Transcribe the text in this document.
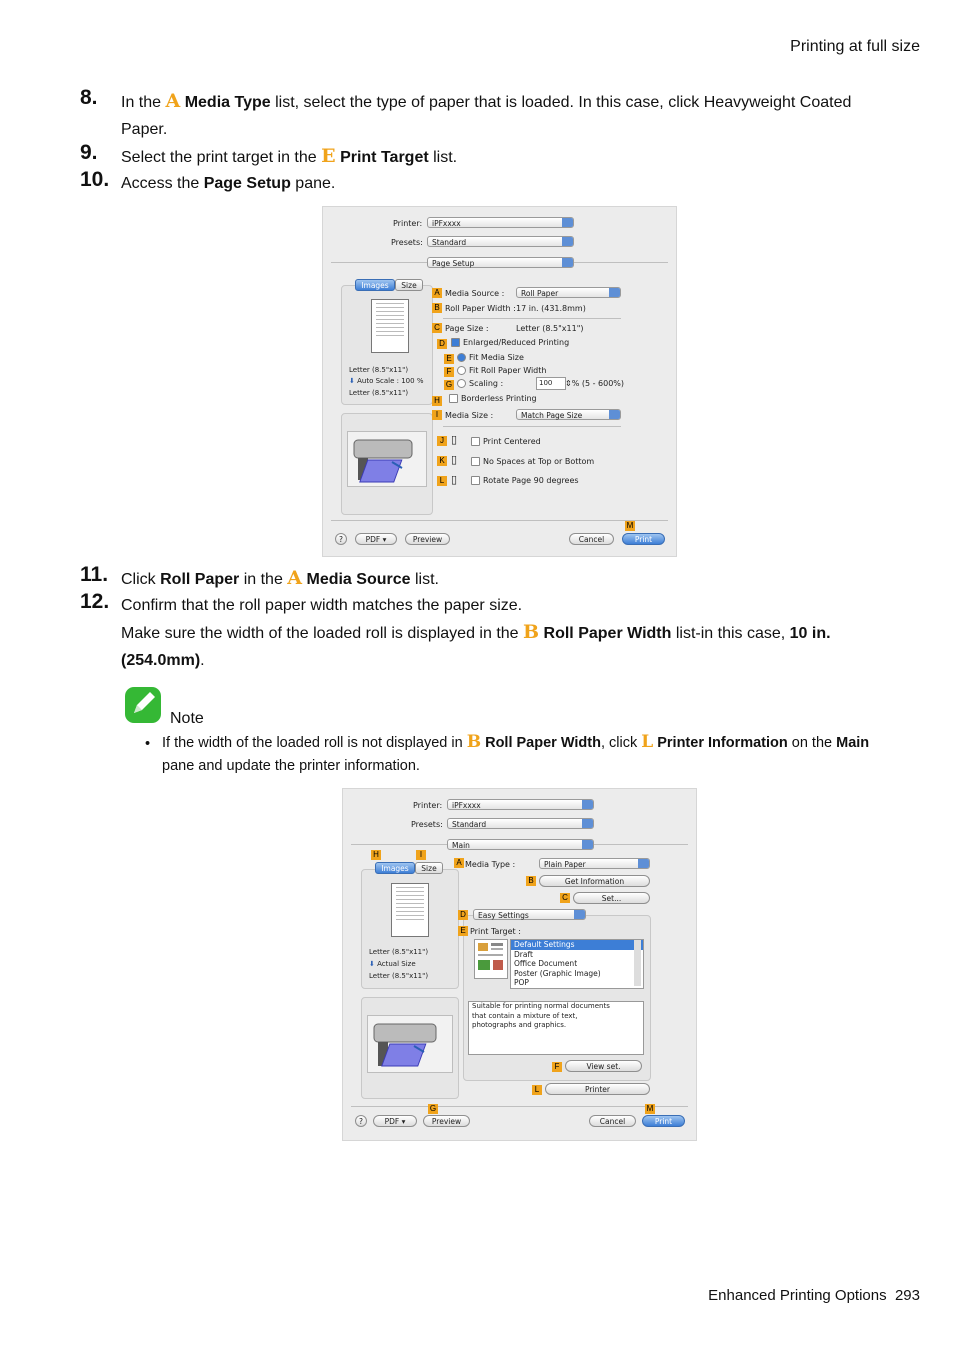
Printing at full size
8.	In the A Media Type list, select the type of paper that is loaded. In this case, click Heavyweight Coated Paper.
9.	Select the print target in the E Print Target list.
10. Access the Page Setup pane.
Printer:	iPFxxxx
Presets:	Standard
Page Setup
Images	Size
Letter (8.5"x11")
⬇ Auto Scale : 100 %
Letter (8.5"x11")
A Media Source :	Roll Paper
B Roll Paper Width : 17 in. (431.8mm)
C Page Size :	Letter (8.5"x11")
D	Enlarged/Reduced Printing
E	Fit Media Size
F	Fit Roll Paper Width
G	Scaling :	100	⇕% (5 - 600%)
H	Borderless Printing
I Media Size :	Match Page Size
J ▯	Print Centered
K ▯	No Spaces at Top or Bottom
L ▯	Rotate Page 90 degrees
M
?	PDF ▾	Preview	Cancel	Print
11. Click Roll Paper in the A Media Source list.
12. Confirm that the roll paper width matches the paper size.
Make sure the width of the loaded roll is displayed in the B Roll Paper Width list-in this case, 10 in. (254.0mm).
Note
• If the width of the loaded roll is not displayed in B Roll Paper Width, click L Printer Information on the Main pane and update the printer information.
Printer:	iPFxxxx
Presets:	Standard
Main
H	I
Images	Size
Letter (8.5"x11")
⬇ Actual Size
Letter (8.5"x11")
A Media Type :	Plain Paper
B	Get Information
C	Set...
D	Easy Settings
E Print Target :
Default Settings
Draft
Office Document
Poster (Graphic Image)
POP
Suitable for printing normal documents
that contain a mixture of text,
photographs and graphics.
F	View set.
L	Printer
G	M
?	PDF ▾	Preview	Cancel	Print
Enhanced Printing Options 293
